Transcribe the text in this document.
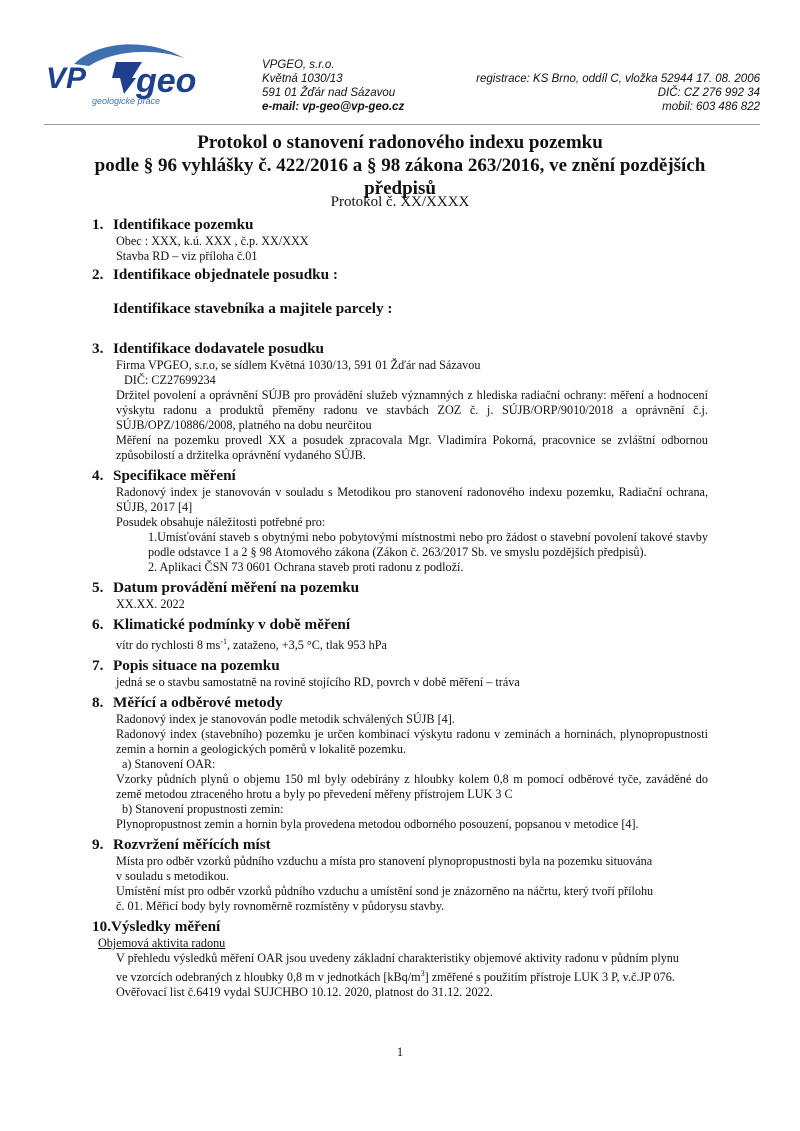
VP geo
geologické práce
VPGEO, s.r.o.
Květná 1030/13
591 01 Žďár nad Sázavou
e-mail: vp-geo@vp-geo.cz
registrace: KS Brno, oddíl C, vložka 52944 17. 08. 2006
DIČ: CZ 276 992 34
mobil: 603 486 822
Protokol o stanovení radonového indexu pozemku
podle § 96 vyhlášky č. 422/2016 a § 98 zákona 263/2016, ve znění pozdějších
předpisů
Protokol č. XX/XXXX
1. Identifikace pozemku

Obec : XXX, k.ú. XXX , č.p. XX/XXX

Stavba RD – viz příloha č.01

2. Identifikace objednatele posudku :
Identifikace stavebníka a majitele parcely :
3. Identifikace dodavatele posudku

Firma VPGEO, s.r.o, se sídlem Květná 1030/13, 591 01 Žďár nad Sázavou

DIČ: CZ27699234

Držitel povolení a oprávnění SÚJB pro provádění služeb významných z hlediska radiační ochrany: měření a hodnocení výskytu radonu a produktů přeměny radonu ve stavbách ZOZ č. j. SÚJB/ORP/9010/2018 a oprávnění č.j. SÚJB/OPZ/10886/2008, platného na dobu neurčitou

Měření na pozemku provedl XX a posudek zpracovala Mgr. Vladimíra Pokorná, pracovnice se zvláštní odbornou způsobilostí a držitelka oprávnění vydaného SÚJB.

4. Specifikace měření

Radonový index je stanovován v souladu s Metodikou pro stanovení radonového indexu pozemku, Radiační ochrana, SÚJB, 2017 [4]

Posudek obsahuje náležitosti potřebné pro:

1.Umísťování staveb s obytnými nebo pobytovými místnostmi nebo pro žádost o stavební povolení takové stavby podle odstavce 1 a 2 § 98 Atomového zákona (Zákon č. 263/2017 Sb. ve smyslu pozdějších předpisů).

2. Aplikaci ČSN 73 0601 Ochrana staveb proti radonu z podloží.

5. Datum provádění měření na pozemku

XX.XX. 2022

6. Klimatické podmínky v době měření

vítr do rychlosti 8 $ms^{-1}$, zataženo, +3,5 °C, tlak 953 hPa

7. Popis situace na pozemku

jedná se o stavbu samostatně na rovině stojícího RD, povrch v době měření – tráva

8. Měřící a odběrové metody

Radonový index je stanovován podle metodik schválených SÚJB [4].

Radonový index (stavebního) pozemku je určen kombinací výskytu radonu v zeminách a horninách, plynopropustnosti zemin a hornin a geologických poměrů v lokalitě pozemku.

a) Stanovení OAR:

Vzorky půdních plynů o objemu 150 ml byly odebírány z hloubky kolem 0,8 m pomocí odběrové tyče, zaváděné do země metodou ztraceného hrotu a byly po převedení měřeny přístrojem LUK 3 C

b) Stanovení propustnosti zemin:

Plynopropustnost zemin a hornin byla provedena metodou odborného posouzení, popsanou v metodice [4].

9. Rozvržení měřících míst

Místa pro odběr vzorků půdního vzduchu a místa pro stanovení plynopropustnosti byla na pozemku situována v souladu s metodikou.

Umístění míst pro odběr vzorků půdního vzduchu a umístění sond je znázorněno na náčrtu, který tvoří přílohu č. 01. Měřicí body byly rovnoměrně rozmístěny v půdorysu stavby.

10. Výsledky měření
Objemová aktivita radonu

V přehledu výsledků měření OAR jsou uvedeny základní charakteristiky objemové aktivity radonu v půdním plynu ve vzorcích odebraných z hloubky 0,8 m v jednotkách $[kBq/m^3]$ změřené s použitím přístroje LUK 3 P, v.č.JP 076. Ověřovací list č.6419 vydal SUJCHBO 10.12. 2020, platnost do 31.12. 2022.

1
